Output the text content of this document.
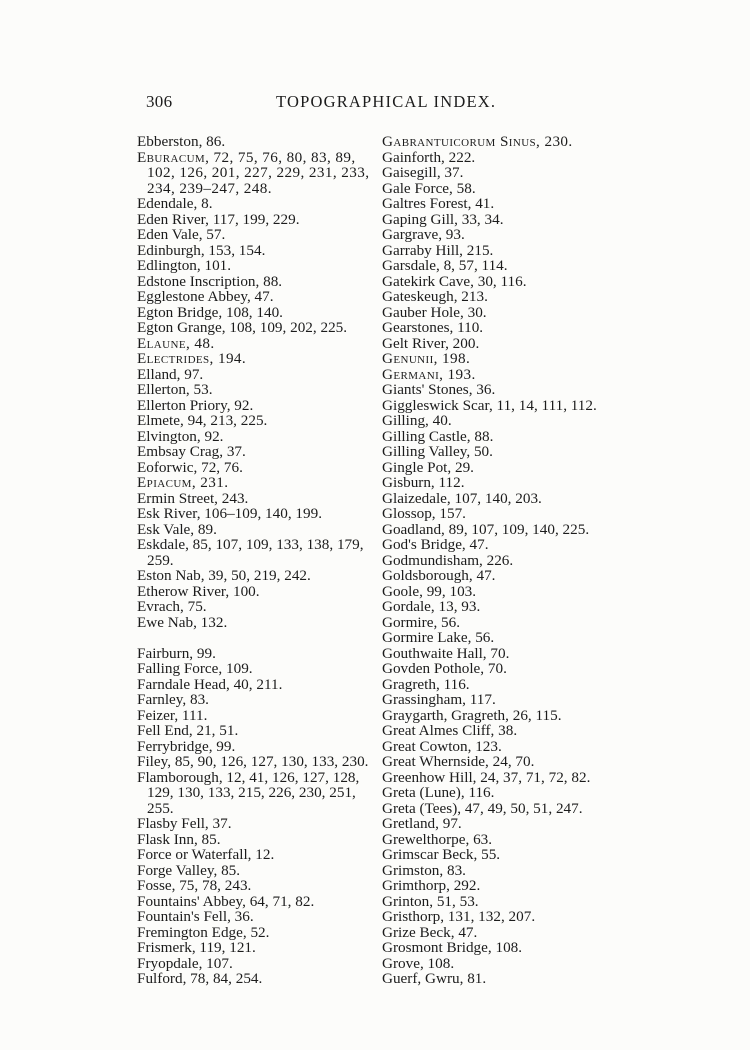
306	TOPOGRAPHICAL INDEX.
Ebberston, 86.
Eburacum, 72, 75, 76, 80, 83, 89, 102, 126, 201, 227, 229, 231, 233, 234, 239–247, 248.
Edendale, 8.
Eden River, 117, 199, 229.
Eden Vale, 57.
Edinburgh, 153, 154.
Edlington, 101.
Edstone Inscription, 88.
Egglestone Abbey, 47.
Egton Bridge, 108, 140.
Egton Grange, 108, 109, 202, 225.
Elaune, 48.
Electrides, 194.
Elland, 97.
Ellerton, 53.
Ellerton Priory, 92.
Elmete, 94, 213, 225.
Elvington, 92.
Embsay Crag, 37.
Eoforwic, 72, 76.
Epiacum, 231.
Ermin Street, 243.
Esk River, 106–109, 140, 199.
Esk Vale, 89.
Eskdale, 85, 107, 109, 133, 138, 179, 259.
Eston Nab, 39, 50, 219, 242.
Etherow River, 100.
Evrach, 75.
Ewe Nab, 132.
Fairburn, 99.
Falling Force, 109.
Farndale Head, 40, 211.
Farnley, 83.
Feizer, 111.
Fell End, 21, 51.
Ferrybridge, 99.
Filey, 85, 90, 126, 127, 130, 133, 230.
Flamborough, 12, 41, 126, 127, 128, 129, 130, 133, 215, 226, 230, 251, 255.
Flasby Fell, 37.
Flask Inn, 85.
Force or Waterfall, 12.
Forge Valley, 85.
Fosse, 75, 78, 243.
Fountains' Abbey, 64, 71, 82.
Fountain's Fell, 36.
Fremington Edge, 52.
Frismerk, 119, 121.
Fryopdale, 107.
Fulford, 78, 84, 254.
Gabrantuicorum Sinus, 230.
Gainforth, 222.
Gaisegill, 37.
Gale Force, 58.
Galtres Forest, 41.
Gaping Gill, 33, 34.
Gargrave, 93.
Garraby Hill, 215.
Garsdale, 8, 57, 114.
Gatekirk Cave, 30, 116.
Gateskeugh, 213.
Gauber Hole, 30.
Gearstones, 110.
Gelt River, 200.
Genunii, 198.
Germani, 193.
Giants' Stones, 36.
Giggleswick Scar, 11, 14, 111, 112.
Gilling, 40.
Gilling Castle, 88.
Gilling Valley, 50.
Gingle Pot, 29.
Gisburn, 112.
Glaizedale, 107, 140, 203.
Glossop, 157.
Goadland, 89, 107, 109, 140, 225.
God's Bridge, 47.
Godmundisham, 226.
Goldsborough, 47.
Goole, 99, 103.
Gordale, 13, 93.
Gormire, 56.
Gormire Lake, 56.
Gouthwaite Hall, 70.
Govden Pothole, 70.
Gragreth, 116.
Grassingham, 117.
Graygarth, Gragreth, 26, 115.
Great Almes Cliff, 38.
Great Cowton, 123.
Great Whernside, 24, 70.
Greenhow Hill, 24, 37, 71, 72, 82.
Greta (Lune), 116.
Greta (Tees), 47, 49, 50, 51, 247.
Gretland, 97.
Grewelthorpe, 63.
Grimscar Beck, 55.
Grimston, 83.
Grimthorp, 292.
Grinton, 51, 53.
Gristhorp, 131, 132, 207.
Grize Beck, 47.
Grosmont Bridge, 108.
Grove, 108.
Guerf, Gwru, 81.
